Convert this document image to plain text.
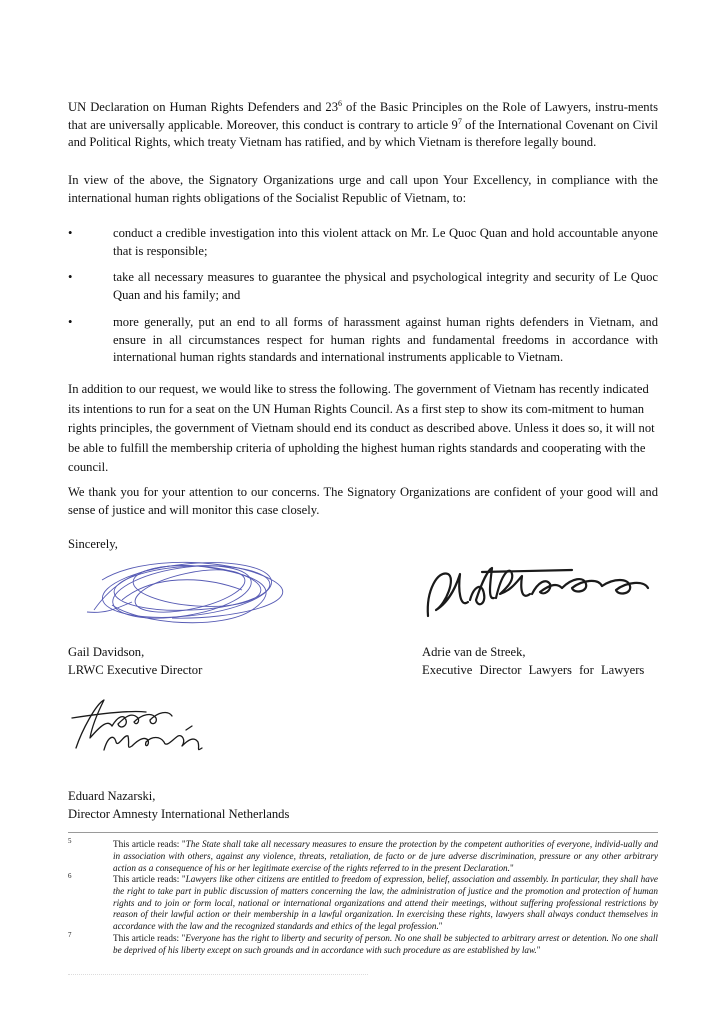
UN Declaration on Human Rights Defenders and $23^6$ of the Basic Principles on the Role of Lawyers, instru-ments that are universally applicable. Moreover, this conduct is contrary to article $9^7$ of the International Covenant on Civil and Political Rights, which treaty Vietnam has ratified, and by which Vietnam is therefore legally bound.

In view of the above, the Signatory Organizations urge and call upon Your Excellency, in compliance with the international human rights obligations of the Socialist Republic of Vietnam, to:

•	conduct a credible investigation into this violent attack on Mr. Le Quoc Quan and hold accountable anyone that is responsible;

•	take all necessary measures to guarantee the physical and psychological integrity and security of Le Quoc Quan and his family; and

•	more generally, put an end to all forms of harassment against human rights defenders in Vietnam, and ensure in all circumstances respect for human rights and fundamental freedoms in accordance with international human rights standards and international instruments applicable to Vietnam.

In addition to our request, we would like to stress the following. The government of Vietnam has recently indicated its intentions to run for a seat on the UN Human Rights Council. As a first step to show its com-mitment to human rights principles, the government of Vietnam should end its conduct as described above. Unless it does so, it will not be able to fulfill the membership criteria of upholding the highest human rights standards and cooperating with the council.

We thank you for your attention to our concerns. The Signatory Organizations are confident of your good will and sense of justice and will monitor this case closely.

Sincerely,

Gail Davidson,
LRWC Executive Director
Adrie van de Streek,
Executive Director Lawyers for Lawyers
Eduard Nazarski,
Director Amnesty International Netherlands
5	This article reads: "The State shall take all necessary measures to ensure the protection by the competent authorities of everyone, individ-ually and in association with others, against any violence, threats, retaliation, de facto or de jure adverse discrimination, pressure or any other arbitrary action as a consequence of his or her legitimate exercise of the rights referred to in the present Declaration."

6	This article reads: "Lawyers like other citizens are entitled to freedom of expression, belief, association and assembly. In particular, they shall have the right to take part in public discussion of matters concerning the law, the administration of justice and the promotion and protection of human rights and to join or form local, national or international organizations and attend their meetings, without suffering professional restrictions by reason of their lawful action or their membership in a lawful organization. In exercising these rights, lawyers shall always conduct themselves in accordance with the law and the recognized standards and ethics of the legal profession."

7	This article reads: "Everyone has the right to liberty and security of person. No one shall be subjected to arbitrary arrest or detention. No one shall be deprived of his liberty except on such grounds and in accordance with such procedure as are established by law."
